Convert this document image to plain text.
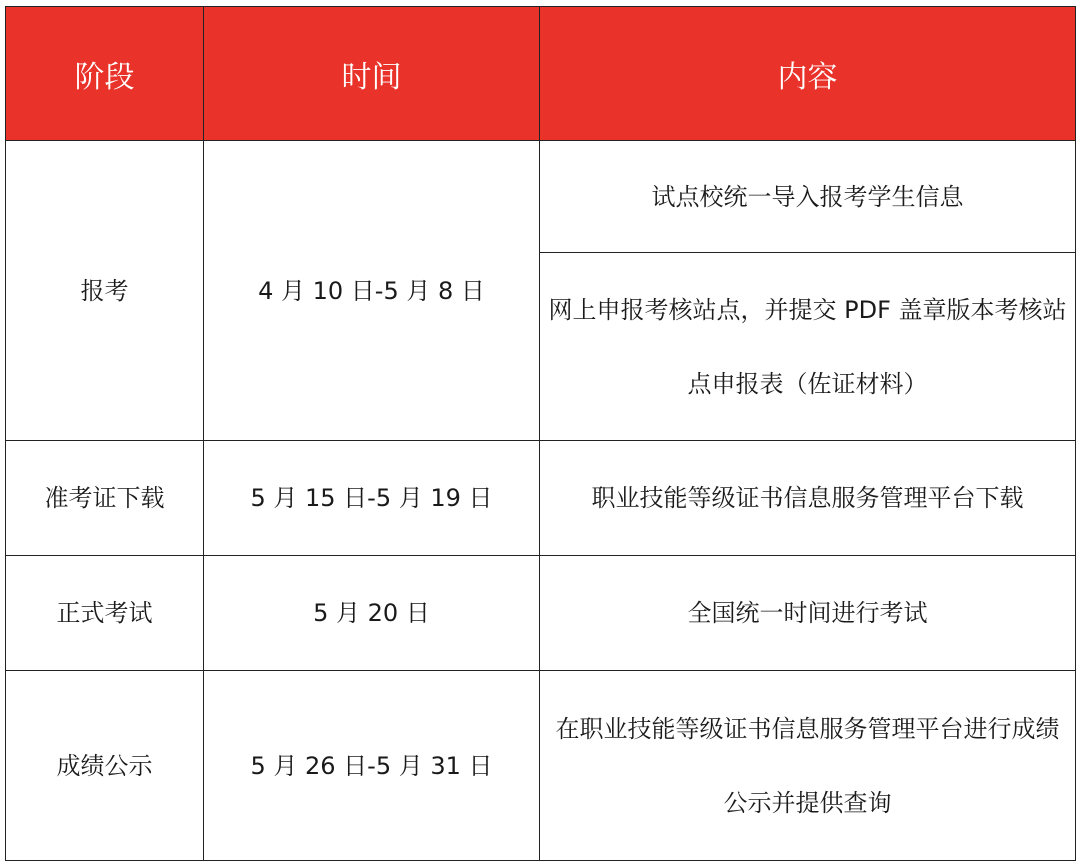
阶段	时间	内容
报考	4 月 10 日-5 月 8 日	试点校统一导入报考学生信息
		网上申报考核站点，并提交 PDF 盖章版本考核站点申报表（佐证材料）
准考证下载	5 月 15 日-5 月 19 日	职业技能等级证书信息服务管理平台下载
正式考试	5 月 20 日	全国统一时间进行考试
成绩公示	5 月 26 日-5 月 31 日	在职业技能等级证书信息服务管理平台进行成绩公示并提供查询
